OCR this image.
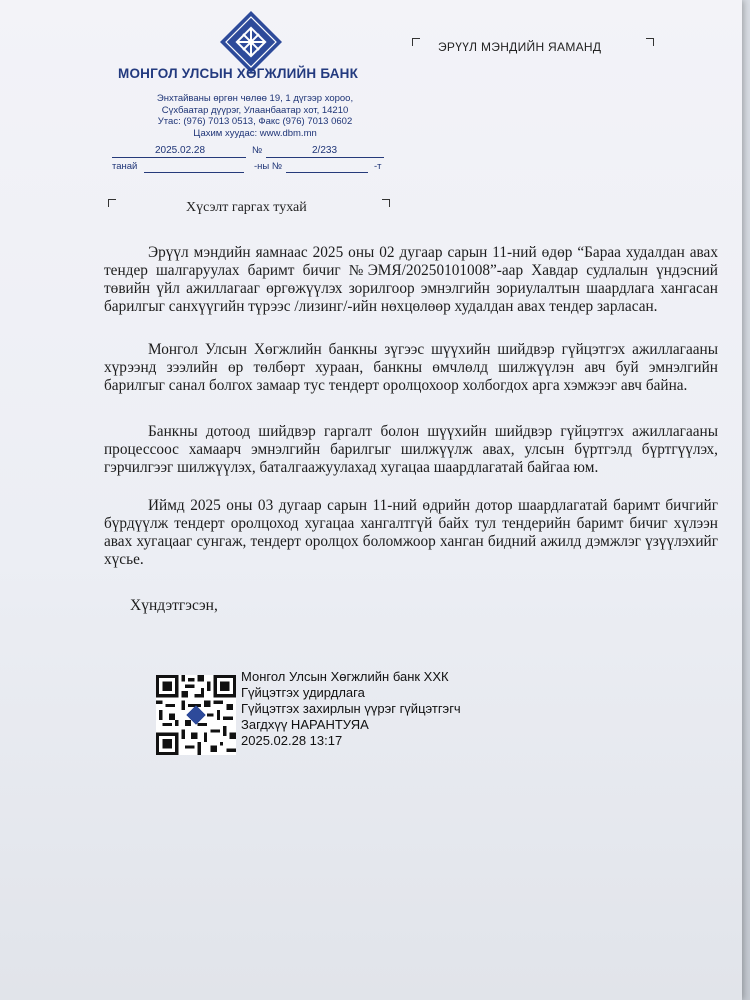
МОНГОЛ УЛСЫН ХӨГЖЛИЙН БАНК
Энхтайваны өргөн чөлөө 19, 1 дүгээр хороо,
Сүхбаатар дүүрэг, Улаанбаатар хот, 14210
Утас: (976) 7013 0513, Факс (976) 7013 0602
Цахим хуудас: www.dbm.mn
2025.02.28	№	2/233
танай	-ны №	-т
ЭРҮҮЛ МЭНДИЙН ЯАМАНД
Хүсэлт гаргах тухай

Эрүүл мэндийн яамнаас 2025 оны 02 дугаар сарын 11-ний өдөр “Бараа худалдан авах тендер шалгаруулах баримт бичиг №ЭМЯ/20250101008”-аар Хавдар судлалын үндэсний төвийн үйл ажиллагааг өргөжүүлэх зорилгоор эмнэлгийн зориулалтын шаардлага хангасан барилгыг санхүүгийн түрээс /лизинг/-ийн нөхцөлөөр худалдан авах тендер зарласан.

Монгол Улсын Хөгжлийн банкны зүгээс шүүхийн шийдвэр гүйцэтгэх ажиллагааны хүрээнд зээлийн өр төлбөрт хураан, банкны өмчлөлд шилжүүлэн авч буй эмнэлгийн барилгыг санал болгох замаар тус тендерт оролцохоор холбогдох арга хэмжээг авч байна.

Банкны дотоод шийдвэр гаргалт болон шүүхийн шийдвэр гүйцэтгэх ажиллагааны процессоос хамаарч эмнэлгийн барилгыг шилжүүлж авах, улсын бүртгэлд бүртгүүлэх, гэрчилгээг шилжүүлэх, баталгаажуулахад хугацаа шаардлагатай байгаа юм.

Иймд 2025 оны 03 дугаар сарын 11-ний өдрийн дотор шаардлагатай баримт бичгийг бүрдүүлж тендерт оролцоход хугацаа хангалтгүй байх тул тендерийн баримт бичиг хүлээн авах хугацааг сунгаж, тендерт оролцох боломжоор ханган бидний ажилд дэмжлэг үзүүлэхийг хүсье.

Хүндэтгэсэн,
Монгол Улсын Хөгжлийн банк ХХК
Гүйцэтгэх удирдлага
Гүйцэтгэх захирлын үүрэг гүйцэтгэгч
Загдхүү НАРАНТУЯА
2025.02.28 13:17
